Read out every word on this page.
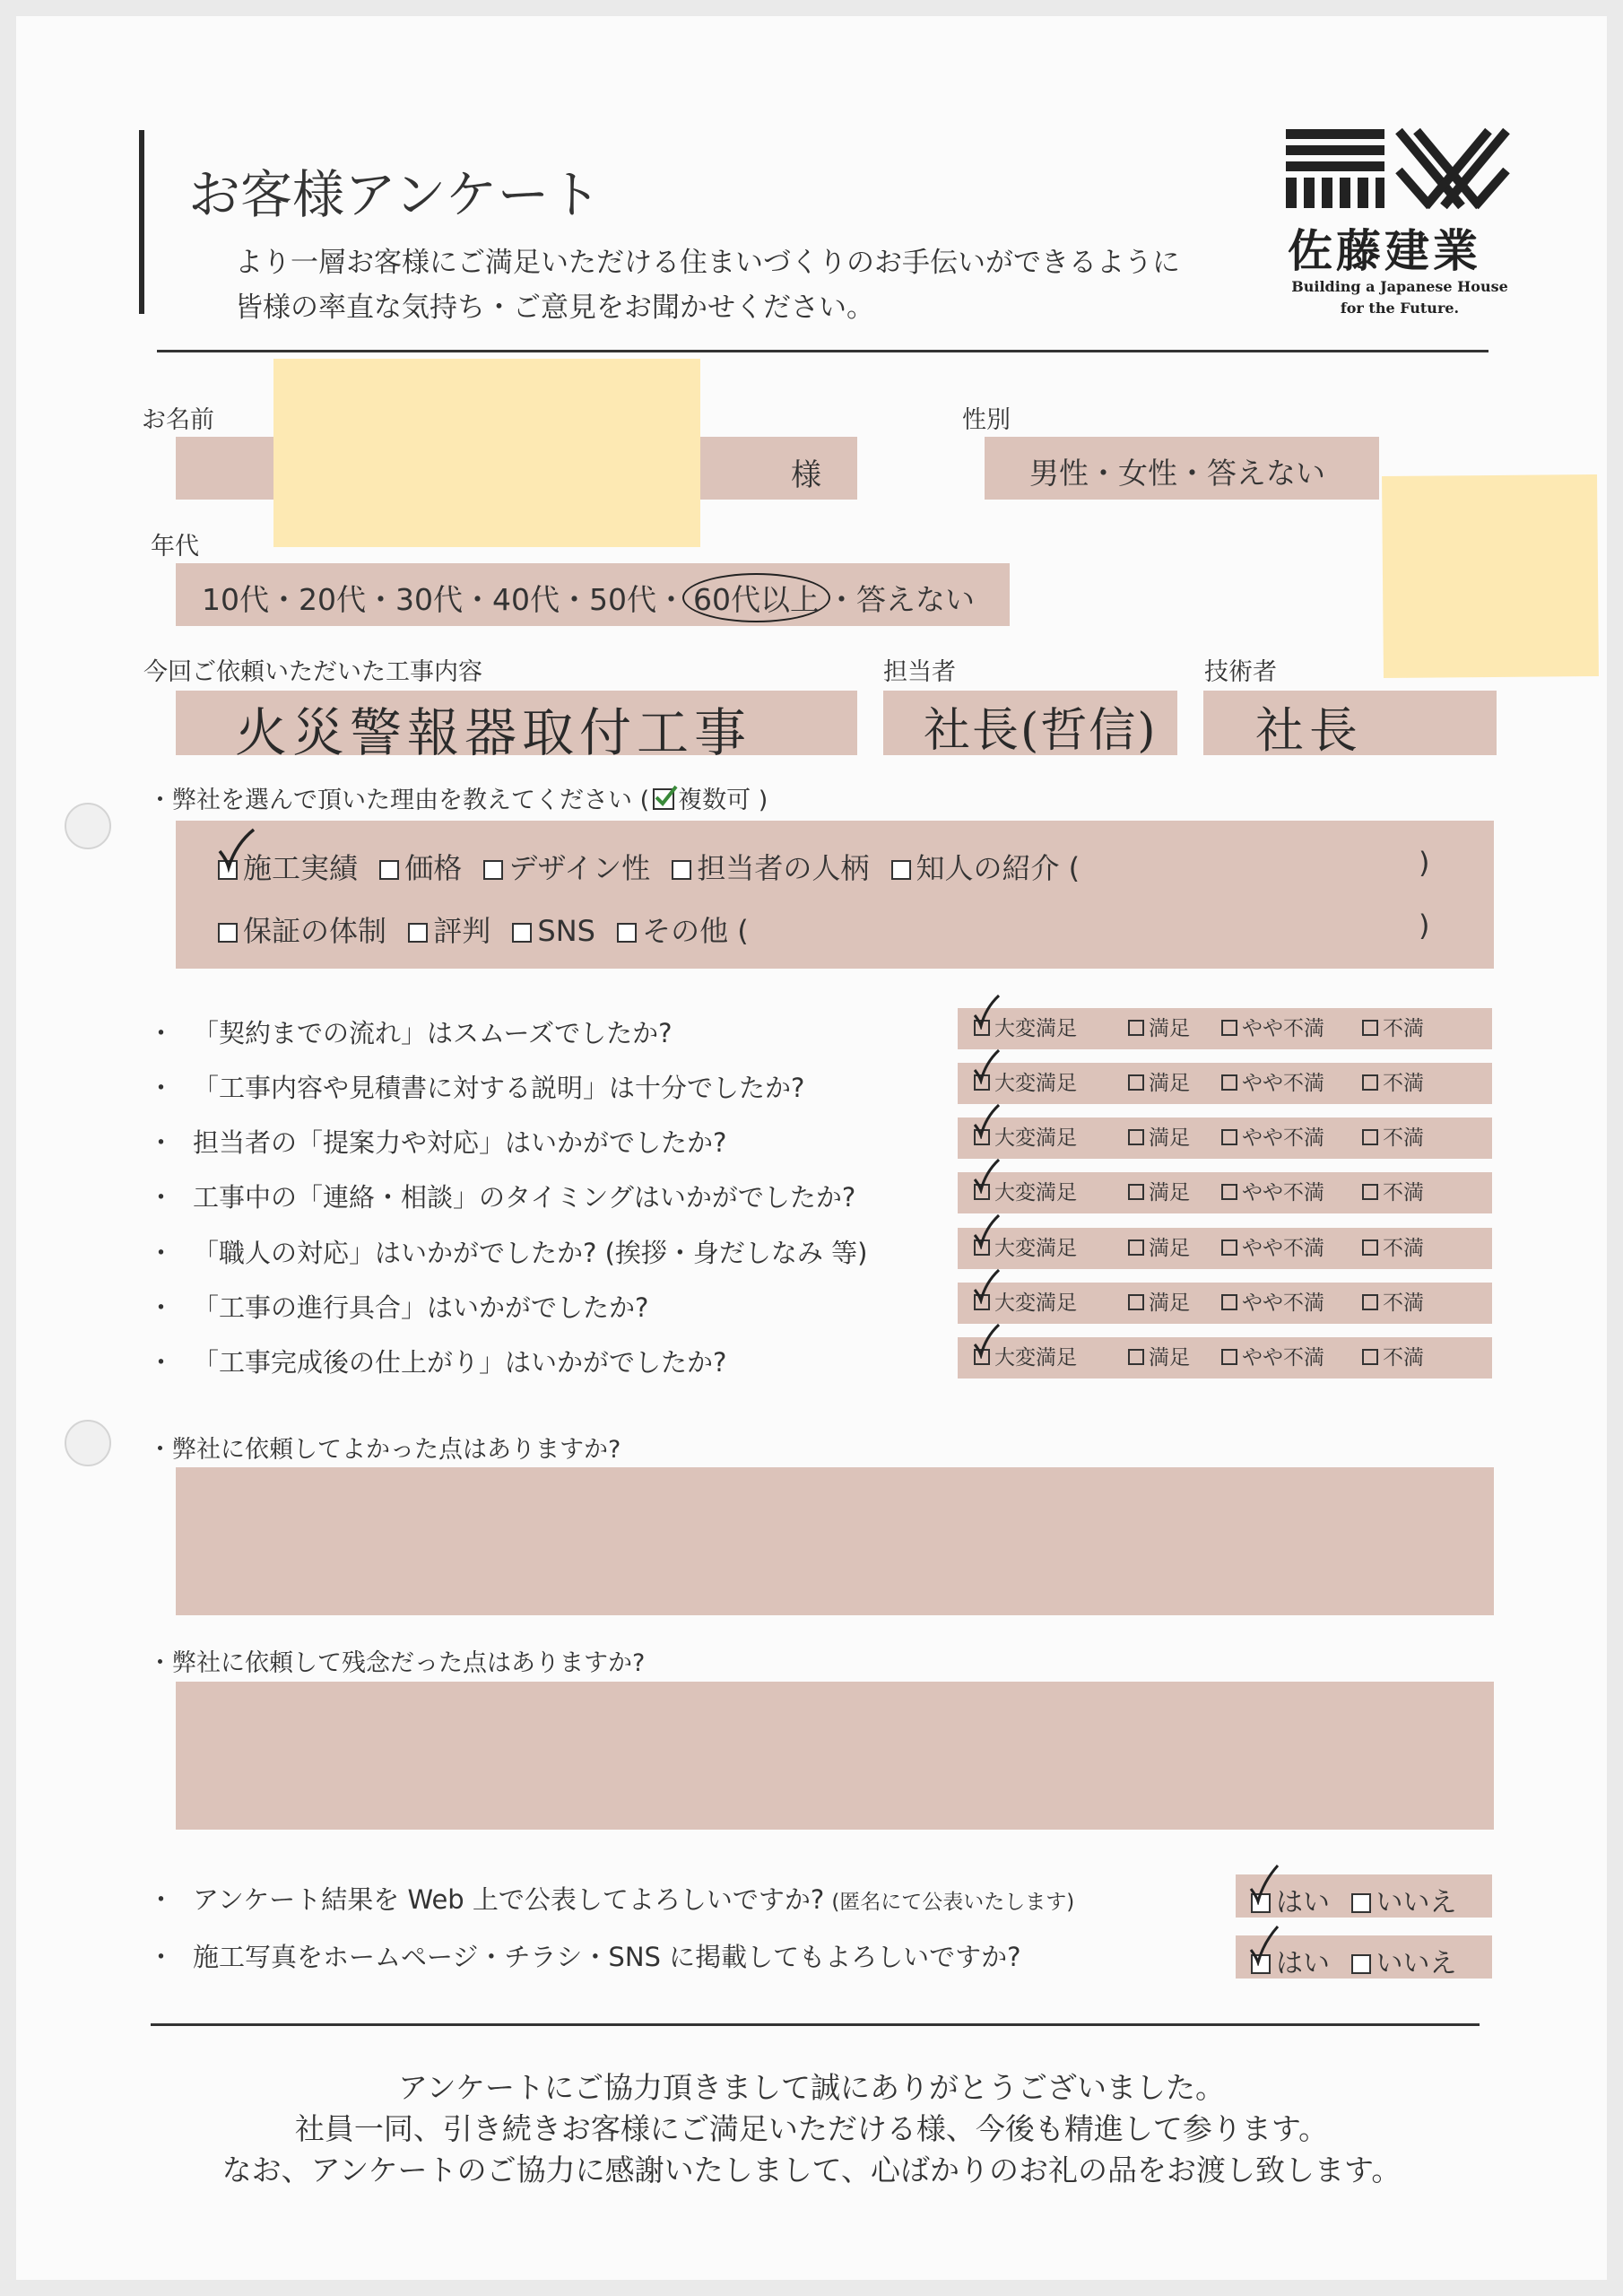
お客様アンケート
より一層お客様にご満足いただける住まいづくりのお手伝いができるように
皆様の率直な気持ち・ご意見をお聞かせください。
佐藤建業
Building a Japanese House
for the Future.
お名前
様
性別
男性・女性・答えない
年代
10代・20代・30代・40代・50代・ 60代以上 ・答えない
今回ご依頼いただいた工事内容
火災警報器取付工事
担当者
社長(哲信)
技術者
社長
・弊社を選んで頂いた理由を教えてください ( 複数可 )
施工実績 価格 デザイン性 担当者の人柄 知人の紹介 (	)
保証の体制 評判 SNS その他 (	)
・ 「契約までの流れ」はスムーズでしたか?	大変満足	満足	やや不満	不満
・ 「工事内容や見積書に対する説明」は十分でしたか?	大変満足	満足	やや不満	不満
・ 担当者の「提案力や対応」はいかがでしたか?	大変満足	満足	やや不満	不満
・ 工事中の「連絡・相談」のタイミングはいかがでしたか?	大変満足	満足	やや不満	不満
・ 「職人の対応」はいかがでしたか? (挨拶・身だしなみ 等)	大変満足	満足	やや不満	不満
・ 「工事の進行具合」はいかがでしたか?	大変満足	満足	やや不満	不満
・ 「工事完成後の仕上がり」はいかがでしたか?	大変満足	満足	やや不満	不満
・弊社に依頼してよかった点はありますか?
・弊社に依頼して残念だった点はありますか?
・ アンケート結果を Web 上で公表してよろしいですか? (匿名にて公表いたします)	はい いいえ
・ 施工写真をホームページ・チラシ・SNS に掲載してもよろしいですか?	はい いいえ
アンケートにご協力頂きまして誠にありがとうございました。
社員一同、引き続きお客様にご満足いただける様、今後も精進して参ります。
なお、アンケートのご協力に感謝いたしまして、心ばかりのお礼の品をお渡し致します。
